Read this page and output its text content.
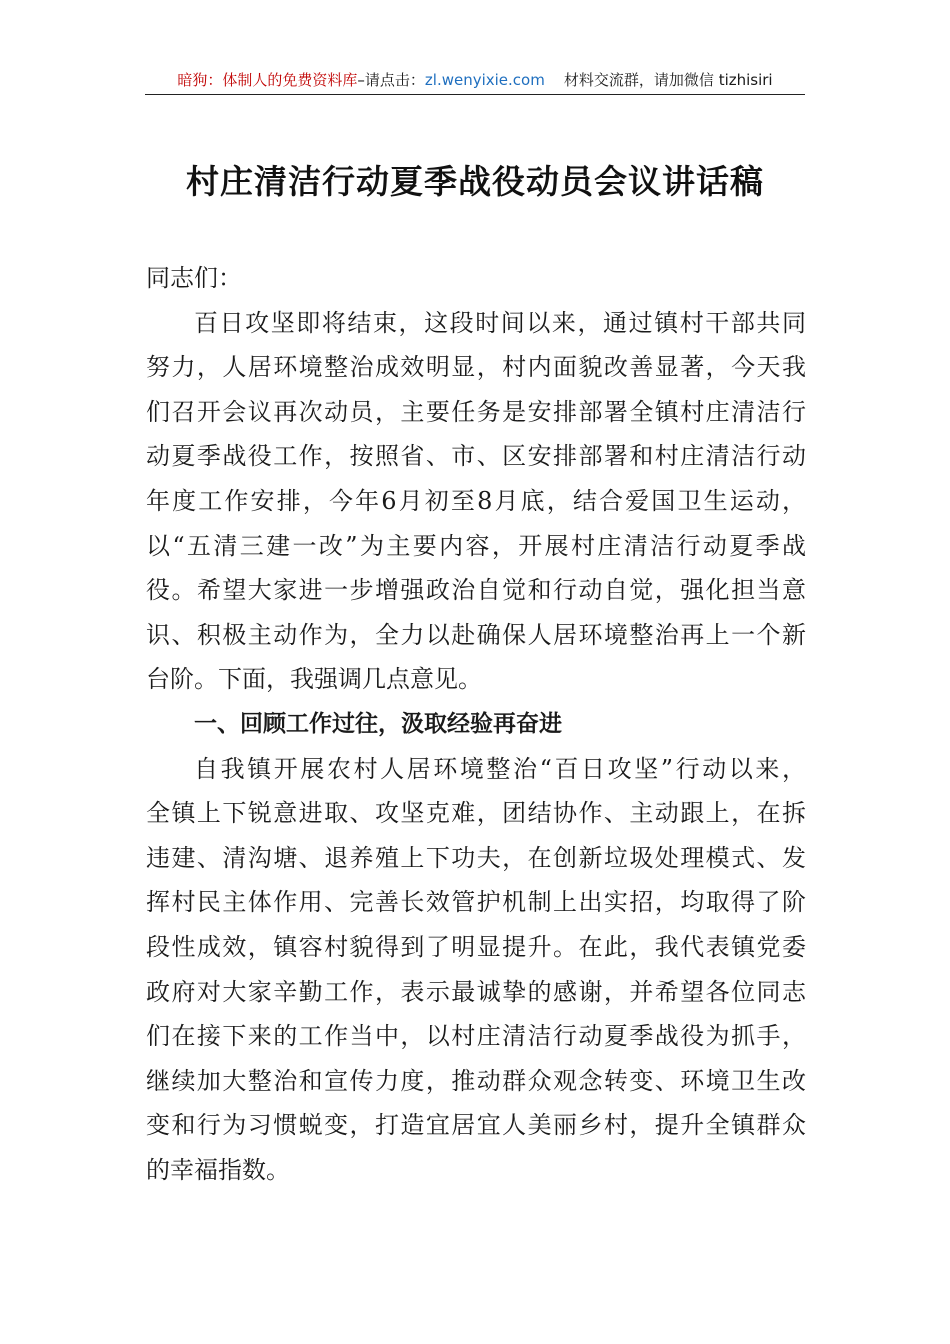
暗狗：体制人的免费资料库–请点击：zl.wenyixie.com 材料交流群，请加微信 tizhisiri
村庄清洁行动夏季战役动员会议讲话稿
同志们：
百日攻坚即将结束，这段时间以来，通过镇村干部共同
努力，人居环境整治成效明显，村内面貌改善显著，今天我
们召开会议再次动员，主要任务是安排部署全镇村庄清洁行
动夏季战役工作，按照省、市、区安排部署和村庄清洁行动
年度工作安排，今年6月初至8月底，结合爱国卫生运动，
以“五清三建一改”为主要内容，开展村庄清洁行动夏季战
役。希望大家进一步增强政治自觉和行动自觉，强化担当意
识、积极主动作为，全力以赴确保人居环境整治再上一个新
台阶。下面，我强调几点意见。
一、回顾工作过往，汲取经验再奋进
自我镇开展农村人居环境整治“百日攻坚”行动以来，
全镇上下锐意进取、攻坚克难，团结协作、主动跟上，在拆
违建、清沟塘、退养殖上下功夫，在创新垃圾处理模式、发
挥村民主体作用、完善长效管护机制上出实招，均取得了阶
段性成效，镇容村貌得到了明显提升。在此，我代表镇党委
政府对大家辛勤工作，表示最诚挚的感谢，并希望各位同志
们在接下来的工作当中，以村庄清洁行动夏季战役为抓手，
继续加大整治和宣传力度，推动群众观念转变、环境卫生改
变和行为习惯蜕变，打造宜居宜人美丽乡村，提升全镇群众
的幸福指数。
